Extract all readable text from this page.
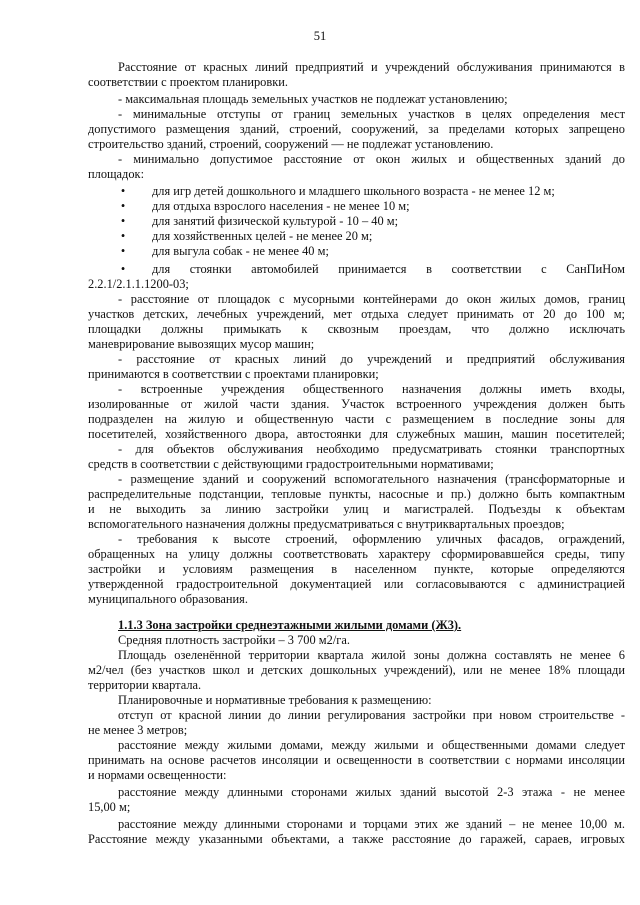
51
Расстояние от красных линий предприятий и учреждений обслуживания принимаются в
соответствии с проектом планировки.
- максимальная площадь земельных участков не подлежат установлению;
- минимальные отступы от границ земельных участков в целях определения мест
допустимого размещения зданий, строений, сооружений, за пределами которых запрещено
строительство зданий, строений, сооружений — не подлежат установлению.
- минимально допустимое расстояние от окон жилых и общественных зданий до
площадок:
• для игр детей дошкольного и младшего школьного возраста - не менее 12 м;
• для отдыха взрослого населения - не менее 10 м;
• для занятий физической культурой - 10 – 40 м;
• для хозяйственных целей - не менее 20 м;
• для выгула собак - не менее 40 м;
• для стоянки автомобилей принимается в соответствии с СанПиНом
2.2.1/2.1.1.1200-03;
- расстояние от площадок с мусорными контейнерами до окон жилых домов, границ
участков детских, лечебных учреждений, мет отдыха следует принимать от 20 до 100 м;
площадки должны примыкать к сквозным проездам, что должно исключать
маневрирование вывозящих мусор машин;
- расстояние от красных линий до учреждений и предприятий обслуживания
принимаются в соответствии с проектами планировки;
- встроенные учреждения общественного назначения должны иметь входы,
изолированные от жилой части здания. Участок встроенного учреждения должен быть
подразделен на жилую и общественную части с размещением в последние зоны для
посетителей, хозяйственного двора, автостоянки для служебных машин, машин посетителей;
- для объектов обслуживания необходимо предусматривать стоянки транспортных
средств в соответствии с действующими градостроительными нормативами;
- размещение зданий и сооружений вспомогательного назначения (трансформаторные и
распределительные подстанции, тепловые пункты, насосные и пр.) должно быть компактным
и не выходить за линию застройки улиц и магистралей. Подъезды к объектам
вспомогательного назначения должны предусматриваться с внутриквартальных проездов;
- требования к высоте строений, оформлению уличных фасадов, ограждений,
обращенных на улицу должны соответствовать характеру сформировавшейся среды, типу
застройки и условиям размещения в населенном пункте, которые определяются
утвержденной градостроительной документацией или согласовываются с администрацией
муниципального образования.
1.1.3 Зона застройки среднеэтажными жилыми домами (Ж3).
Средняя плотность застройки – 3 700 м2/га.
Площадь озеленённой территории квартала жилой зоны должна составлять не менее 6
м2/чел (без участков школ и детских дошкольных учреждений), или не менее 18% площади
территории квартала.
Планировочные и нормативные требования к размещению:
отступ от красной линии до линии регулирования застройки при новом строительстве -
не менее 3 метров;
расстояние между жилыми домами, между жилыми и общественными домами следует
принимать на основе расчетов инсоляции и освещенности в соответствии с нормами инсоляции
и нормами освещенности:
расстояние между длинными сторонами жилых зданий высотой 2-3 этажа - не менее
15,00 м;
расстояние между длинными сторонами и торцами этих же зданий – не менее 10,00 м.
Расстояние между указанными объектами, а также расстояние до гаражей, сараев, игровых
